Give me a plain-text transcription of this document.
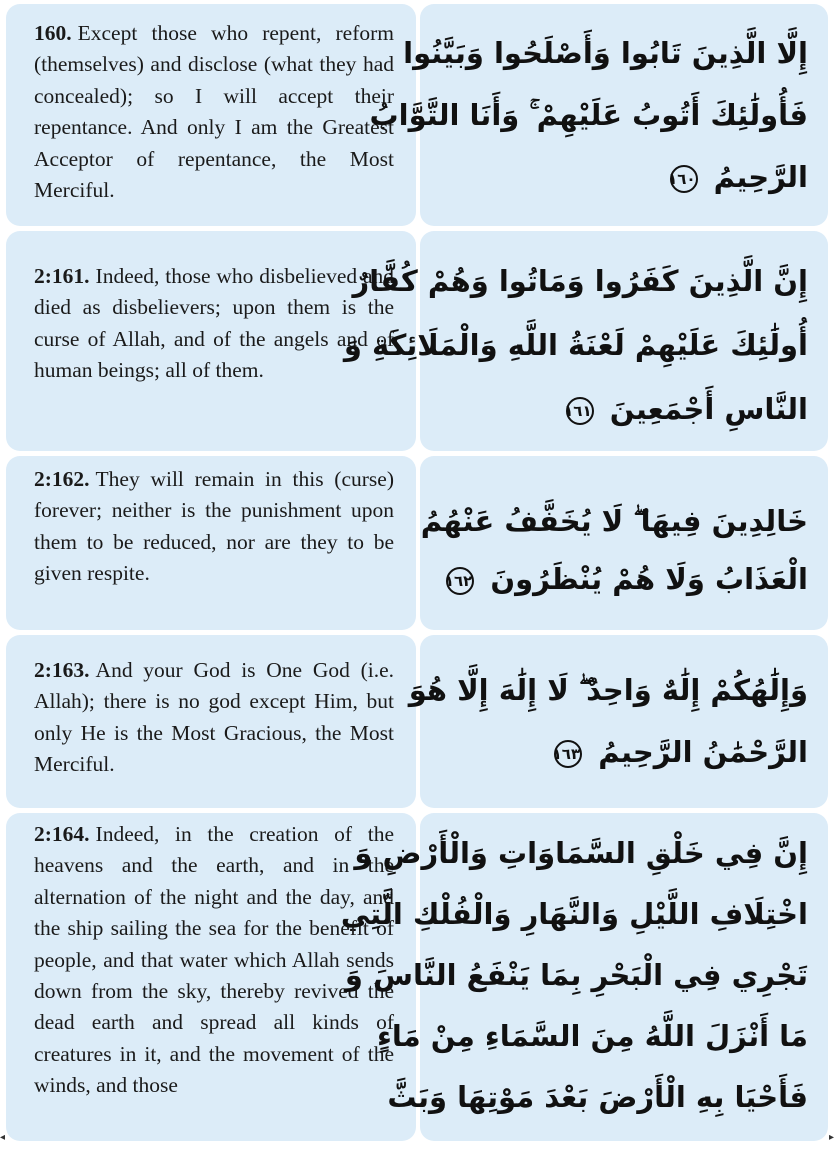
160. Except those who repent, reform (themselves) and disclose (what they had concealed); so I will accept their repentance. And only I am the Greatest Acceptor of repentance, the Most Merciful.

إِلَّا الَّذِينَ تَابُوا وَأَصْلَحُوا وَبَيَّنُوا
فَأُولَٰئِكَ أَتُوبُ عَلَيْهِمْ ۚ وَأَنَا التَّوَّابُ
الرَّحِيمُ ١٦٠

2:161. Indeed, those who disbelieved and died as disbelievers; upon them is the curse of Allah, and of the angels and of human beings; all of them.

إِنَّ الَّذِينَ كَفَرُوا وَمَاتُوا وَهُمْ كُفَّارٌ
أُولَٰئِكَ عَلَيْهِمْ لَعْنَةُ اللَّهِ وَالْمَلَائِكَةِ وَ
النَّاسِ أَجْمَعِينَ ١٦١

2:162. They will remain in this (curse) forever; neither is the punishment upon them to be reduced, nor are they to be given respite.

خَالِدِينَ فِيهَا ۖ لَا يُخَفَّفُ عَنْهُمُ
الْعَذَابُ وَلَا هُمْ يُنْظَرُونَ ١٦٢

2:163. And your God is One God (i.e. Allah); there is no god except Him, but only He is the Most Gracious, the Most Merciful.

وَإِلَٰهُكُمْ إِلَٰهٌ وَاحِدٌ ۖ لَا إِلَٰهَ إِلَّا هُوَ
الرَّحْمَٰنُ الرَّحِيمُ ١٦٣

2:164. Indeed, in the creation of the heavens and the earth, and in the alternation of the night and the day, and the ship sailing the sea for the benefit of people, and that water which Allah sends down from the sky, thereby revived the dead earth and spread all kinds of creatures in it, and the movement of the winds, and those

إِنَّ فِي خَلْقِ السَّمَاوَاتِ وَالْأَرْضِ وَ
اخْتِلَافِ اللَّيْلِ وَالنَّهَارِ وَالْفُلْكِ الَّتِي
تَجْرِي فِي الْبَحْرِ بِمَا يَنْفَعُ النَّاسَ وَ
مَا أَنْزَلَ اللَّهُ مِنَ السَّمَاءِ مِنْ مَاءٍ
فَأَحْيَا بِهِ الْأَرْضَ بَعْدَ مَوْتِهَا وَبَثَّ
◂	▸
